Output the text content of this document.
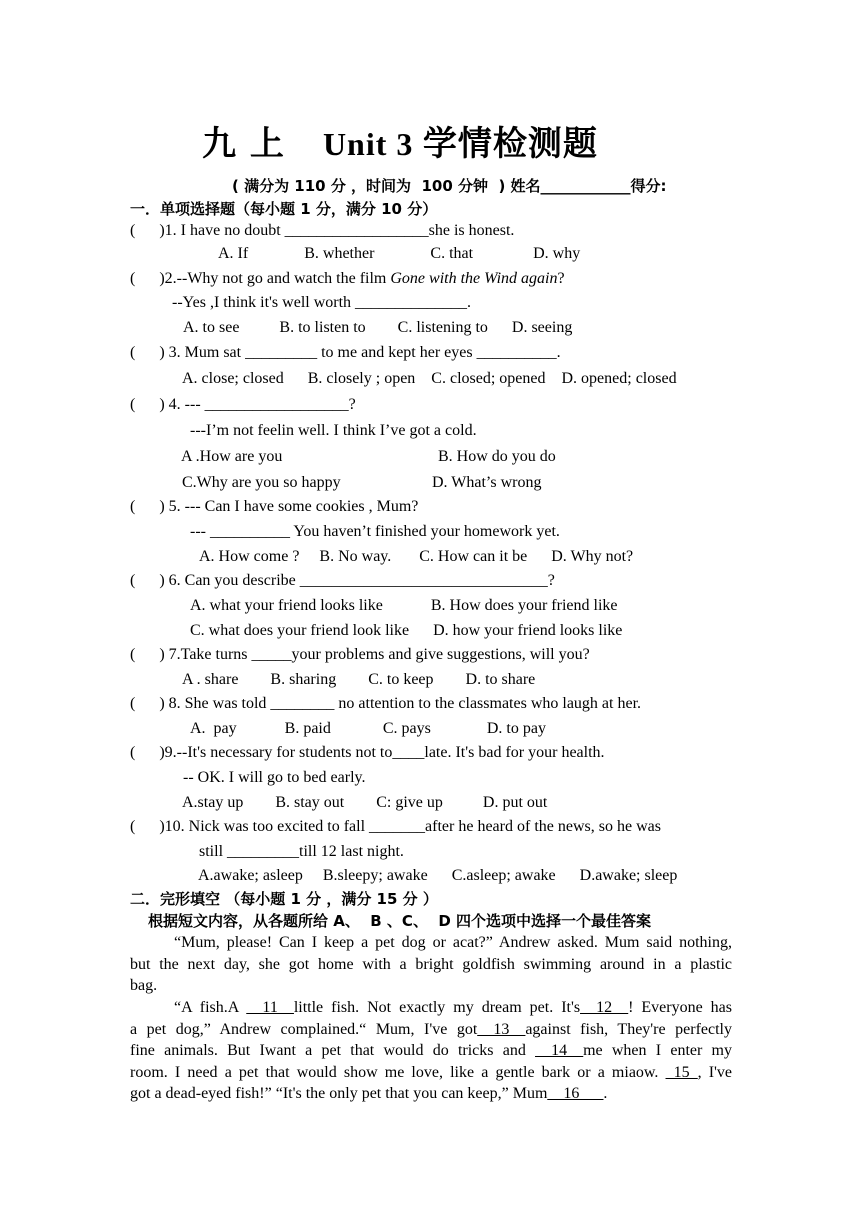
九 上 Unit 3 学情检测题
( 满分为 110 分 ，时间为  100 分钟  ) 姓名____________得分:
一．单项选择题（每小题 1 分，满分 10 分）
(      )1. I have no doubt __________________she is honest.
A. If              B. whether              C. that               D. why
(      )2.--Why not go and watch the film Gone with the Wind again?
--Yes ,I think it's well worth ______________.
A. to see          B. to listen to        C. listening to      D. seeing
(      ) 3. Mum sat _________ to me and kept her eyes __________.
A. close; closed      B. closely ; open    C. closed; opened    D. opened; closed
(      ) 4. --- __________________?
---I’m not feelin well. I think I’ve got a cold.
A .How are you	B. How do you do
C.Why are you so happy	D. What’s wrong
(      ) 5. --- Can I have some cookies , Mum?
--- __________ You haven’t finished your homework yet.
A. How come ?     B. No way.       C. How can it be      D. Why not?
(      ) 6. Can you describe _______________________________?
A. what your friend looks like            B. How does your friend like
C. what does your friend look like      D. how your friend looks like
(      ) 7.Take turns _____your problems and give suggestions, will you?
A . share        B. sharing        C. to keep        D. to share
(      ) 8. She was told ________ no attention to the classmates who laugh at her.
A.  pay            B. paid             C. pays              D. to pay
(      )9.--It's necessary for students not to____late. It's bad for your health.
-- OK. I will go to bed early.
A.stay up        B. stay out        C: give up          D. put out
(      )10. Nick was too excited to fall _______after he heard of the news, so he was
still _________till 12 last night.
A.awake; asleep     B.sleepy; awake      C.asleep; awake      D.awake; sleep
二．完形填空 （每小题 1 分 ，满分 15 分 ）
根据短文内容，从各题所给 A、  B 、C、  D 四个选项中选择一个最佳答案
“Mum, please! Can I keep a pet dog or acat?” Andrew asked. Mum said nothing,
but the next day, she got home with a bright goldfish swimming around in a plastic
bag.
“A fish.A __11__little fish. Not exactly my dream pet. It's__12__! Everyone has
a pet dog,” Andrew complained.“ Mum, I've got__13__against fish, They're perfectly
fine animals. But Iwant a pet that would do tricks and __14__me when I enter my
room. I need a pet that would show me love, like a gentle bark or a miaow. _15_, I've
got a dead-eyed fish!” “It's the only pet that you can keep,” Mum__16___.
